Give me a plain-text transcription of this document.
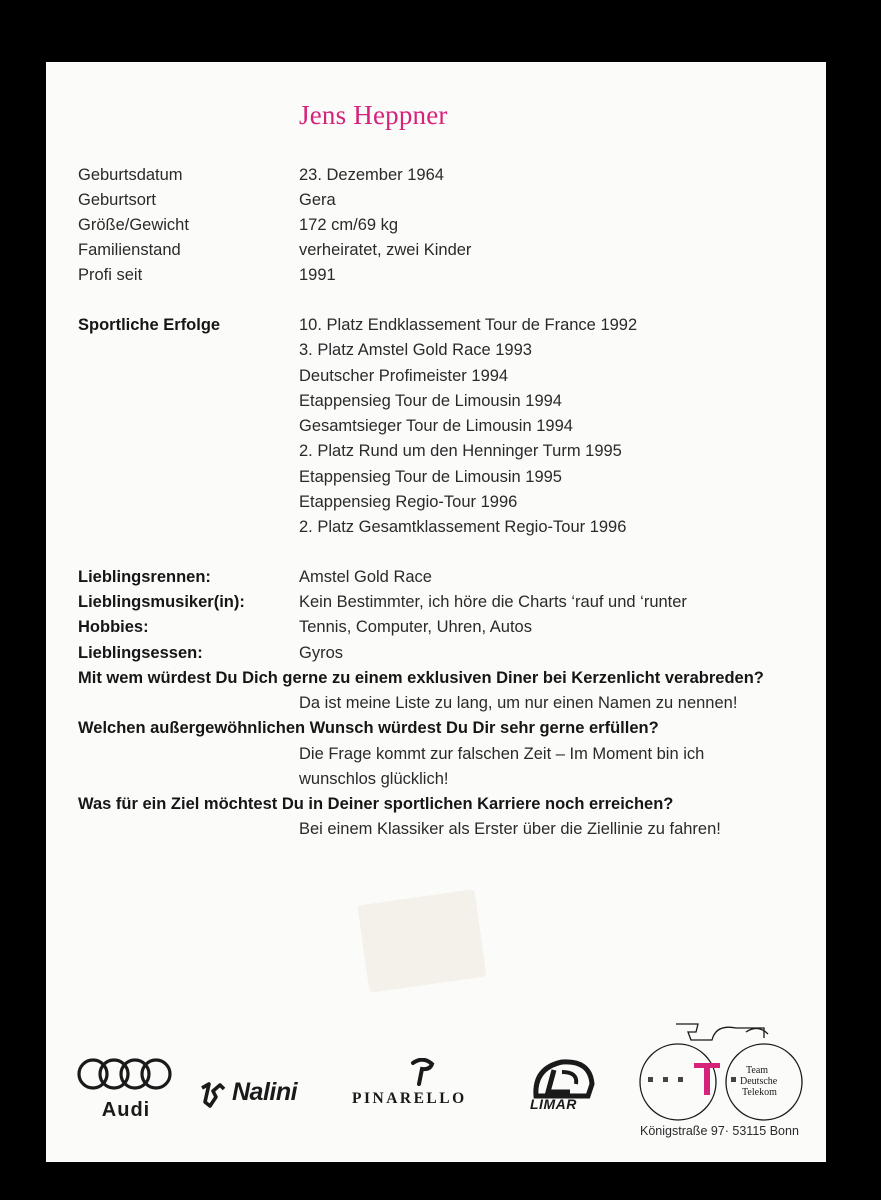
Jens Heppner
Geburtsdatum	23. Dezember 1964
Geburtsort	Gera
Größe/Gewicht	172 cm/69 kg
Familienstand	verheiratet, zwei Kinder
Profi seit	1991
Sportliche Erfolge	10. Platz Endklassement Tour de France 1992
3. Platz Amstel Gold Race 1993
Deutscher Profimeister 1994
Etappensieg Tour de Limousin 1994
Gesamtsieger Tour de Limousin 1994
2. Platz Rund um den Henninger Turm 1995
Etappensieg Tour de Limousin 1995
Etappensieg Regio-Tour 1996
2. Platz Gesamtklassement Regio-Tour 1996
Lieblingsrennen:	Amstel Gold Race
Lieblingsmusiker(in):	Kein Bestimmter, ich höre die Charts ‘rauf und ‘runter
Hobbies:	Tennis, Computer, Uhren, Autos
Lieblingsessen:	Gyros
Mit wem würdest Du Dich gerne zu einem exklusiven Diner bei Kerzenlicht verabreden?
Da ist meine Liste zu lang, um nur einen Namen zu nennen!
Welchen außergewöhnlichen Wunsch würdest Du Dir sehr gerne erfüllen?
Die Frage kommt zur falschen Zeit – Im Moment bin ich
wunschlos glücklich!
Was für ein Ziel möchtest Du in Deiner sportlichen Karriere noch erreichen?
Bei einem Klassiker als Erster über die Ziellinie zu fahren!
Audi
Nalini	PINARELLO	LIMAR
Team
Deutsche
Telekom
Königstraße 97· 53115 Bonn
